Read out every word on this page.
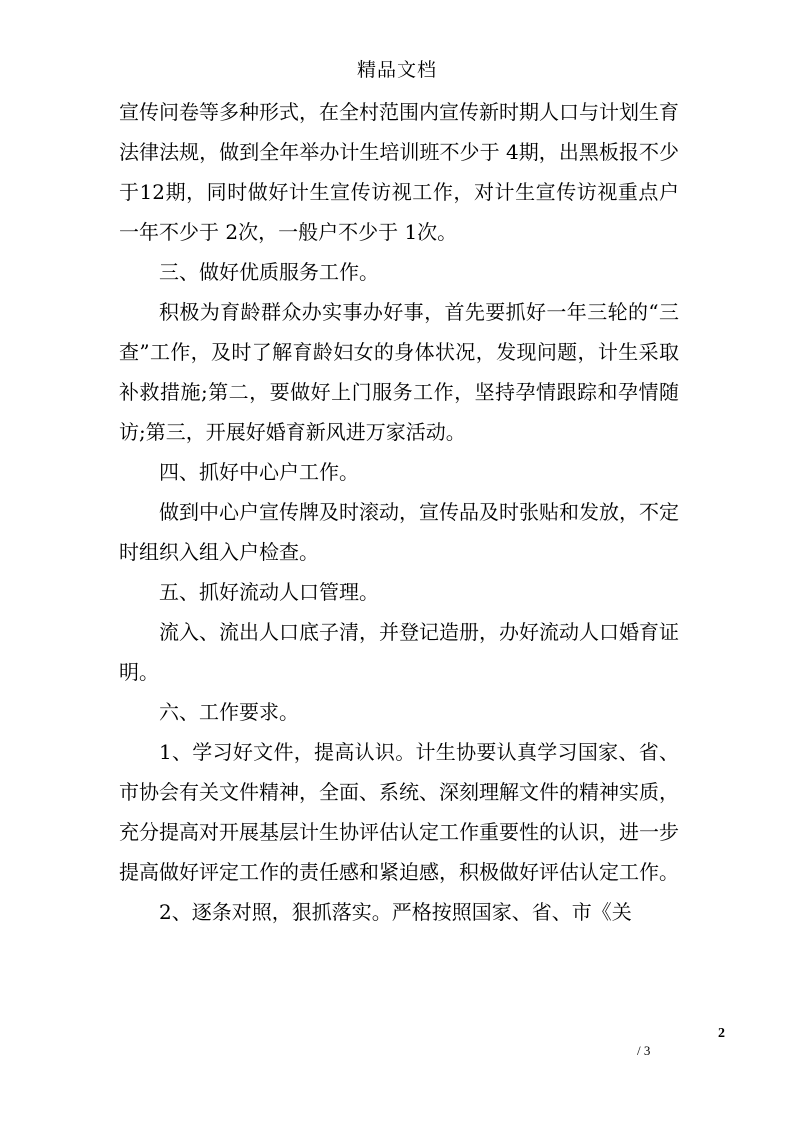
精品文档

宣传问卷等多种形式，在全村范围内宣传新时期人口与计划生育法律法规，做到全年举办计生培训班不少于 4期，出黑板报不少于12期，同时做好计生宣传访视工作，对计生宣传访视重点户一年不少于 2次，一般户不少于 1次。

三、做好优质服务工作。

积极为育龄群众办实事办好事，首先要抓好一年三轮的“三查”工作，及时了解育龄妇女的身体状况，发现问题，计生采取补救措施;第二，要做好上门服务工作，坚持孕情跟踪和孕情随访;第三，开展好婚育新风进万家活动。

四、抓好中心户工作。

做到中心户宣传牌及时滚动，宣传品及时张贴和发放，不定时组织入组入户检查。

五、抓好流动人口管理。

流入、流出人口底子清，并登记造册，办好流动人口婚育证明。

六、工作要求。

1、学习好文件，提高认识。计生协要认真学习国家、省、市协会有关文件精神，全面、系统、深刻理解文件的精神实质，充分提高对开展基层计生协评估认定工作重要性的认识，进一步提高做好评定工作的责任感和紧迫感，积极做好评估认定工作。

2、逐条对照，狠抓落实。严格按照国家、省、市《关

2
/ 3
